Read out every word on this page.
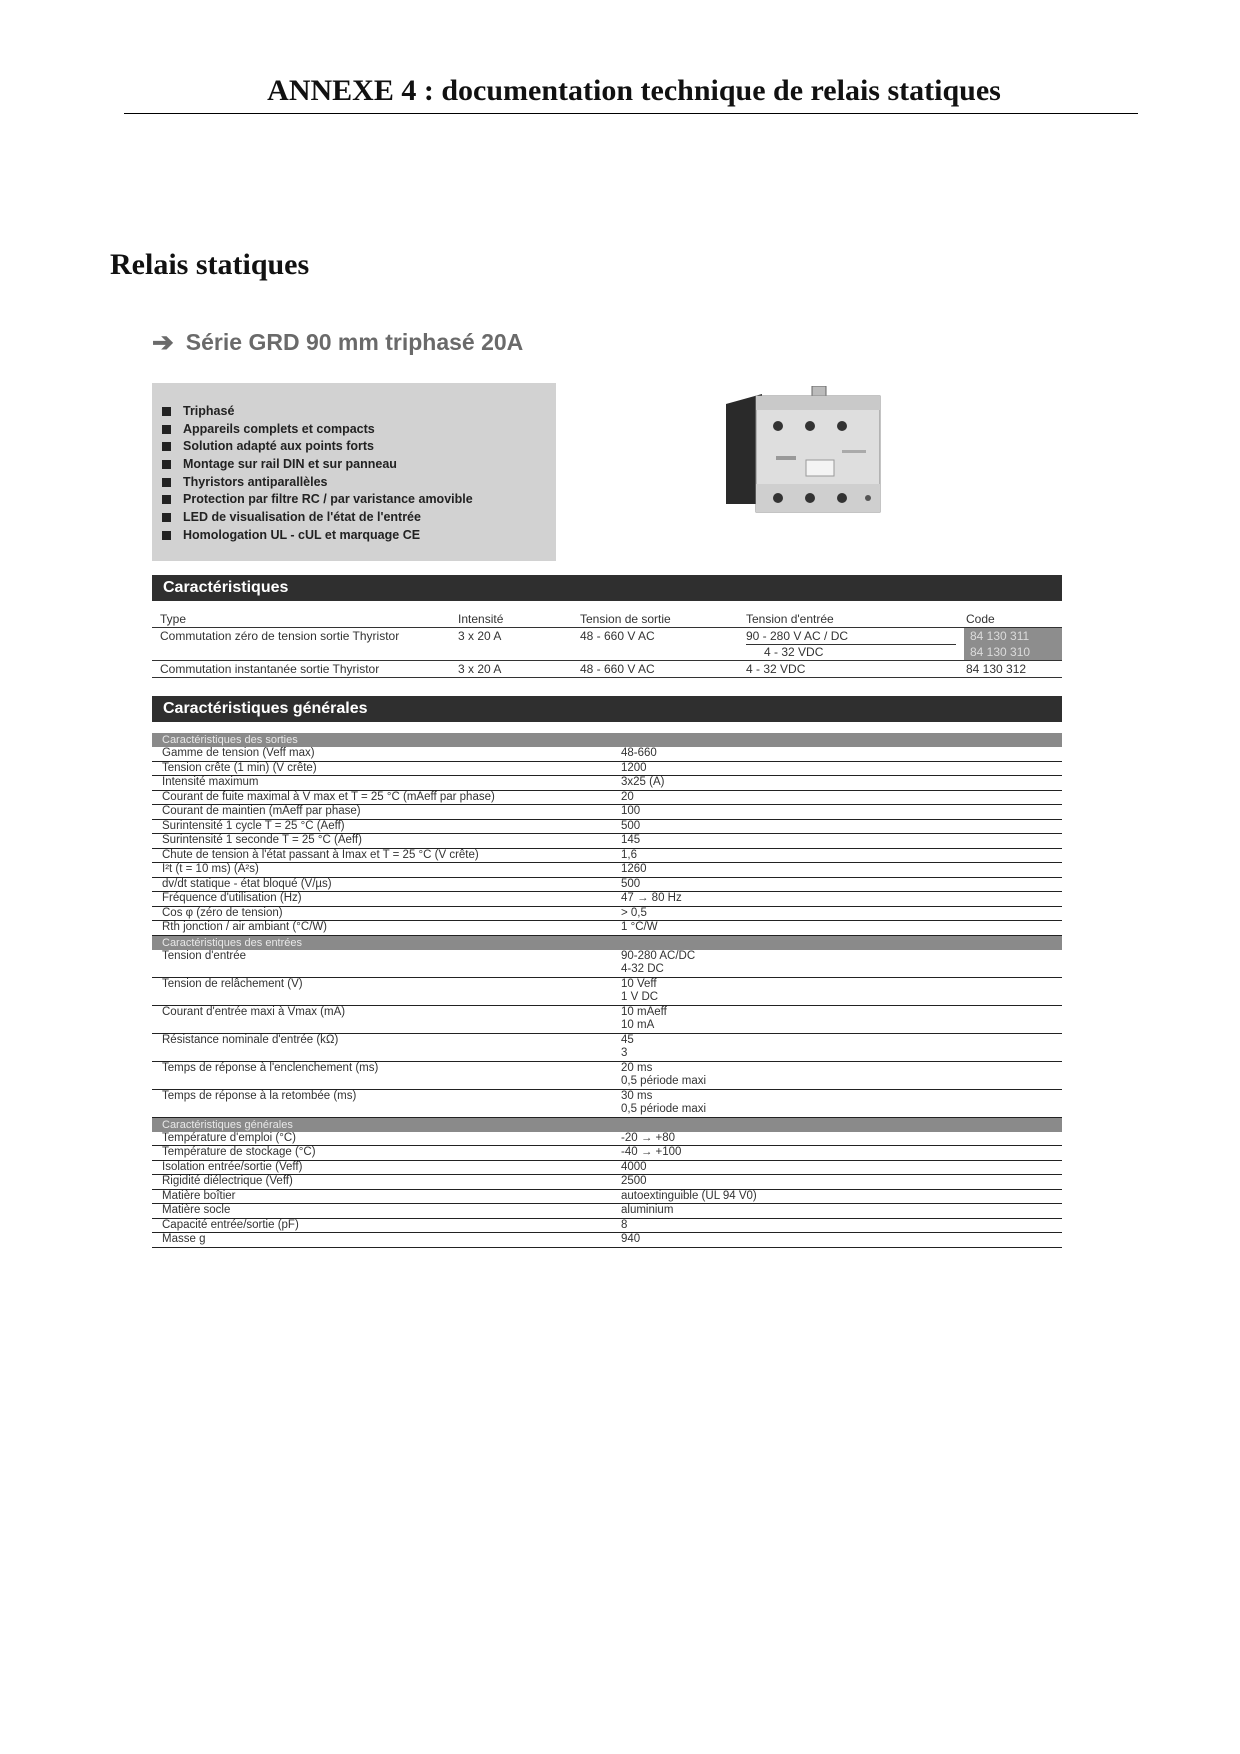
ANNEXE 4 : documentation technique de relais statiques
Relais statiques
➔ Série GRD 90 mm triphasé 20A
Triphasé
Appareils complets et compacts
Solution adapté aux points forts
Montage sur rail DIN et sur panneau
Thyristors antiparallèles
Protection par filtre RC / par varistance amovible
LED de visualisation de l'état de l'entrée
Homologation UL - cUL et marquage CE
Caractéristiques
Type	Intensité	Tension de sortie	Tension d'entrée	Code
Commutation zéro de tension sortie Thyristor	3 x 20 A	48 - 660 V AC	90 - 280 V AC / DC	84 130 311
4 - 32 VDC	84 130 310
Commutation instantanée sortie Thyristor	3 x 20 A	48 - 660 V AC	4 - 32 VDC	84 130 312
Caractéristiques générales
Caractéristiques des sorties
Gamme de tension (Veff max)	48-660
Tension crête (1 min) (V crête)	1200
Intensité maximum	3x25 (A)
Courant de fuite maximal à V max et T = 25 °C (mAeff par phase)	20
Courant de maintien (mAeff par phase)	100
Surintensité 1 cycle T = 25 °C (Aeff)	500
Surintensité 1 seconde T = 25 °C (Aeff)	145
Chute de tension à l'état passant à Imax et T = 25 °C (V crête)	1,6
I²t (t = 10 ms) (A²s)	1260
dv/dt statique - état bloqué (V/µs)	500
Fréquence d'utilisation (Hz)	47 → 80 Hz
Cos φ (zéro de tension)	> 0,5
Rth jonction / air ambiant (°C/W)	1 °C/W
Caractéristiques des entrées
Tension d'entrée	90-280 AC/DC
4-32 DC
Tension de relâchement (V)	10 Veff
1 V DC
Courant d'entrée maxi à Vmax (mA)	10 mAeff
10 mA
Résistance nominale d'entrée (kΩ)	45
3
Temps de réponse à l'enclenchement (ms)	20 ms
0,5 période maxi
Temps de réponse à la retombée (ms)	30 ms
0,5 période maxi
Caractéristiques générales
Température d'emploi (°C)	-20 → +80
Température de stockage (°C)	-40 → +100
Isolation entrée/sortie (Veff)	4000
Rigidité diélectrique (Veff)	2500
Matière boîtier	autoextinguible (UL 94 V0)
Matière socle	aluminium
Capacité entrée/sortie (pF)	8
Masse g	940
